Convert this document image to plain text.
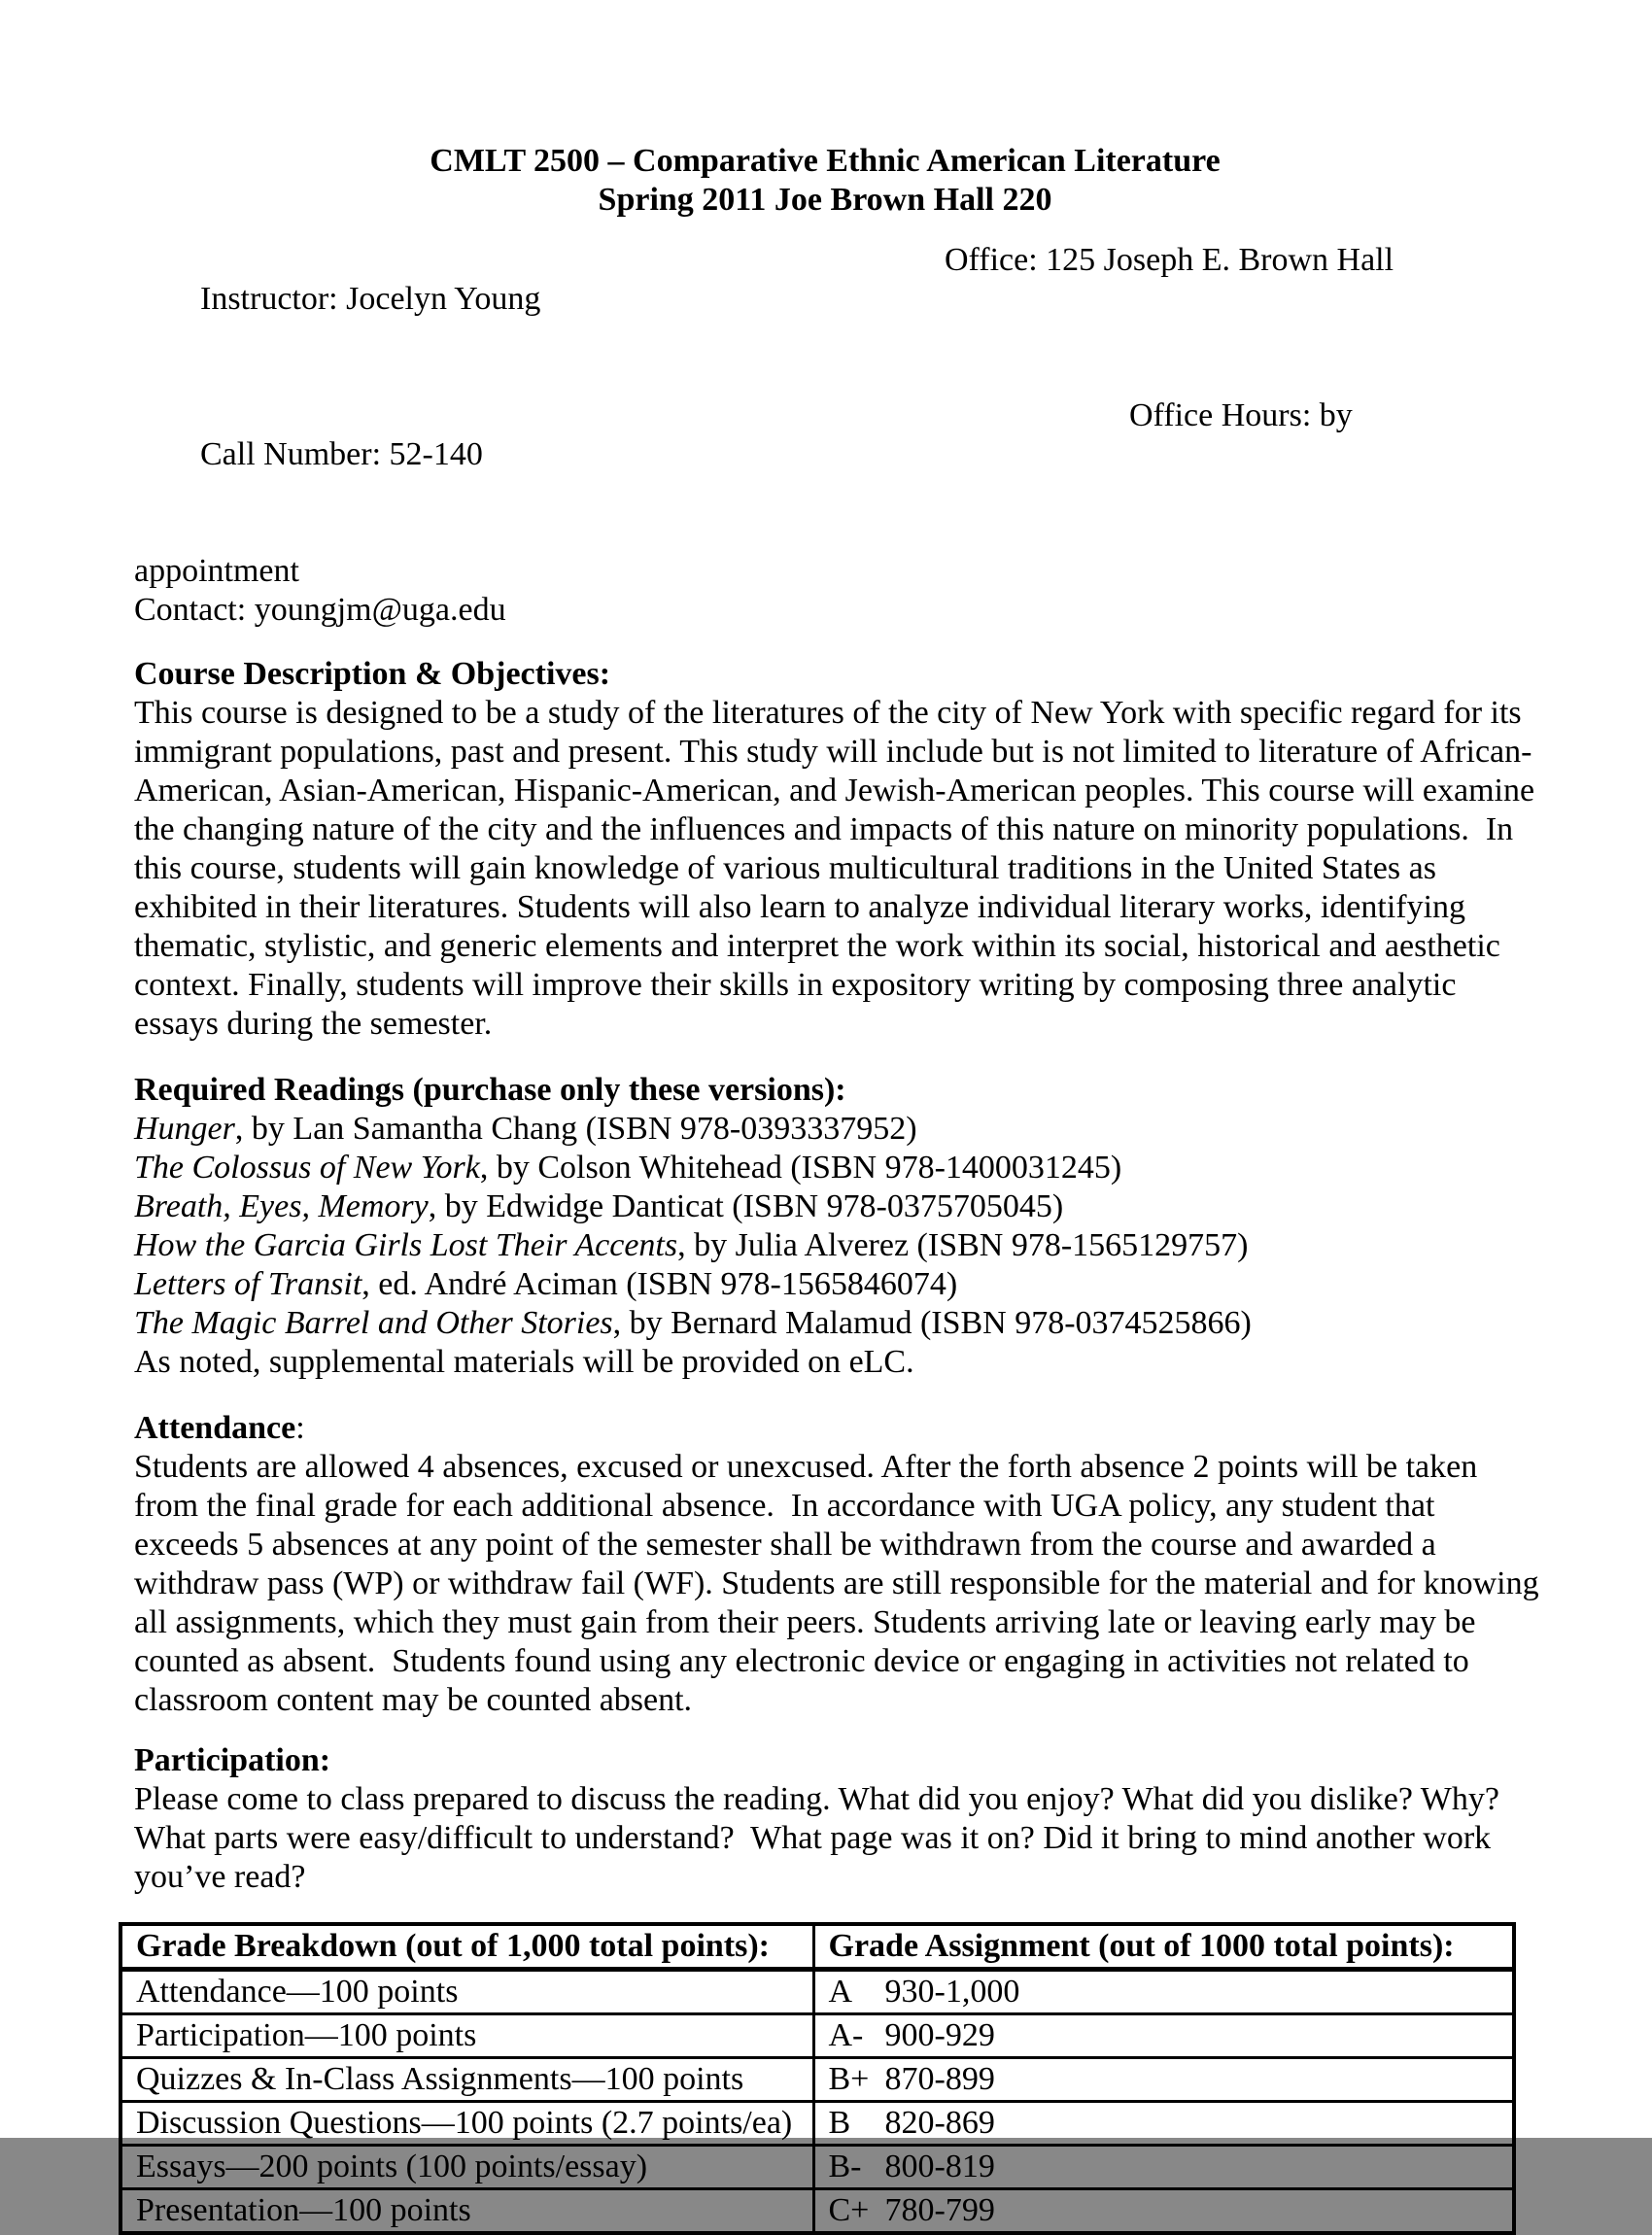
CMLT 2500 – Comparative Ethnic American Literature
Spring 2011 Joe Brown Hall 220

Instructor: Jocelyn Young

Office: 125 Joseph E. Brown Hall

Call Number: 52-140

Office Hours: by

appointment
Contact: youngjm@uga.edu
Course Description & Objectives:
This course is designed to be a study of the literatures of the city of New York with specific regard for its
immigrant populations, past and present. This study will include but is not limited to literature of African-
American, Asian-American, Hispanic-American, and Jewish-American peoples. This course will examine
the changing nature of the city and the influences and impacts of this nature on minority populations.  In
this course, students will gain knowledge of various multicultural traditions in the United States as
exhibited in their literatures. Students will also learn to analyze individual literary works, identifying
thematic, stylistic, and generic elements and interpret the work within its social, historical and aesthetic
context. Finally, students will improve their skills in expository writing by composing three analytic
essays during the semester.
Required Readings (purchase only these versions):
Hunger, by Lan Samantha Chang (ISBN 978-0393337952)
The Colossus of New York, by Colson Whitehead (ISBN 978-1400031245)
Breath, Eyes, Memory, by Edwidge Danticat (ISBN 978-0375705045)
How the Garcia Girls Lost Their Accents, by Julia Alverez (ISBN 978-1565129757)
Letters of Transit, ed. André Aciman (ISBN 978-1565846074)
The Magic Barrel and Other Stories, by Bernard Malamud (ISBN 978-0374525866)
As noted, supplemental materials will be provided on eLC.
Attendance:
Students are allowed 4 absences, excused or unexcused. After the forth absence 2 points will be taken
from the final grade for each additional absence.  In accordance with UGA policy, any student that
exceeds 5 absences at any point of the semester shall be withdrawn from the course and awarded a
withdraw pass (WP) or withdraw fail (WF). Students are still responsible for the material and for knowing
all assignments, which they must gain from their peers. Students arriving late or leaving early may be
counted as absent.  Students found using any electronic device or engaging in activities not related to
classroom content may be counted absent.
Participation:
Please come to class prepared to discuss the reading. What did you enjoy? What did you dislike? Why?
What parts were easy/difficult to understand?  What page was it on? Did it bring to mind another work
you’ve read?
Grade Breakdown (out of 1,000 total points):	Grade Assignment (out of 1000 total points):
Attendance—100 points	A 930-1,000
Participation—100 points	A- 900-929
Quizzes & In-Class Assignments—100 points	B+ 870-899
Discussion Questions—100 points (2.7 points/ea)	B 820-869
Essays—200 points (100 points/essay)	B- 800-819
Presentation—100 points	C+ 780-799
